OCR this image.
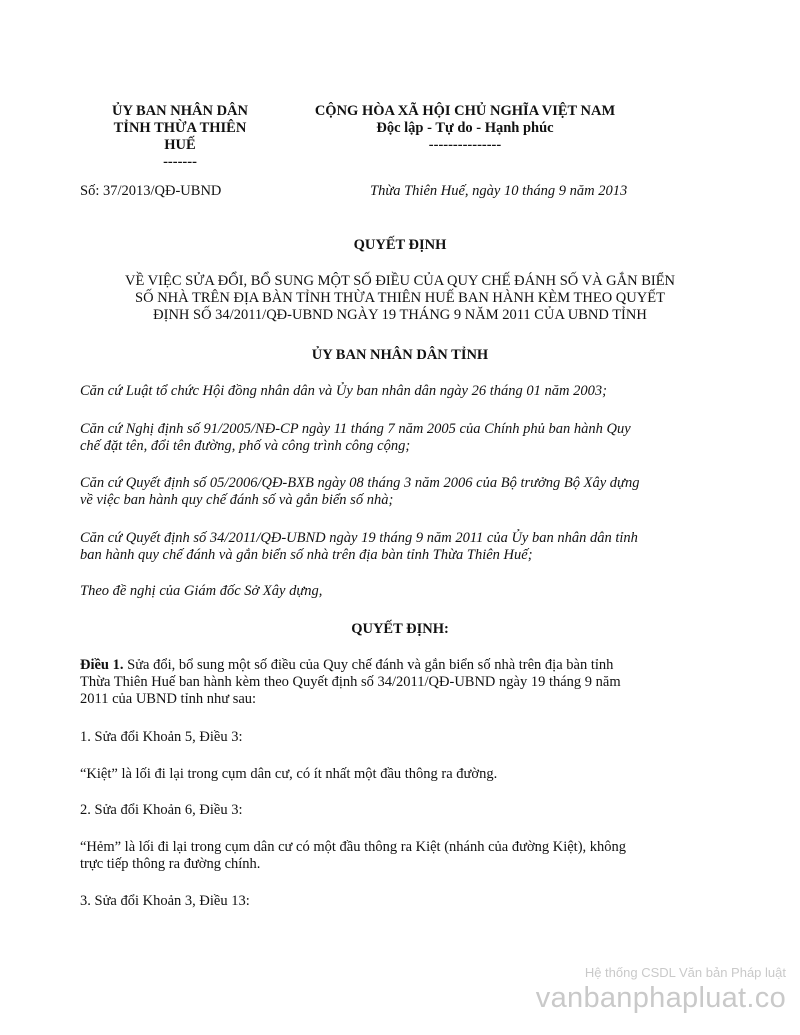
ỦY BAN NHÂN DÂN
TỈNH THỪA THIÊN
HUẾ
-------
CỘNG HÒA XÃ HỘI CHỦ NGHĨA VIỆT NAM
Độc lập - Tự do - Hạnh phúc
---------------
Số: 37/2013/QĐ-UBND	Thừa Thiên Huế, ngày 10 tháng 9 năm 2013
QUYẾT ĐỊNH
VỀ VIỆC SỬA ĐỔI, BỔ SUNG MỘT SỐ ĐIỀU CỦA QUY CHẾ ĐÁNH SỐ VÀ GẮN BIỂN
SỐ NHÀ TRÊN ĐỊA BÀN TỈNH THỪA THIÊN HUẾ BAN HÀNH KÈM THEO QUYẾT
ĐỊNH SỐ 34/2011/QĐ-UBND NGÀY 19 THÁNG 9 NĂM 2011 CỦA UBND TỈNH
ỦY BAN NHÂN DÂN TỈNH
Căn cứ Luật tổ chức Hội đồng nhân dân và Ủy ban nhân dân ngày 26 tháng 01 năm 2003;
Căn cứ Nghị định số 91/2005/NĐ-CP ngày 11 tháng 7 năm 2005 của Chính phủ ban hành Quy
chế đặt tên, đổi tên đường, phố và công trình công cộng;
Căn cứ Quyết định số 05/2006/QĐ-BXB ngày 08 tháng 3 năm 2006 của Bộ trưởng Bộ Xây dựng
về việc ban hành quy chế đánh số và gắn biển số nhà;
Căn cứ Quyết định số 34/2011/QĐ-UBND ngày 19 tháng 9 năm 2011 của Ủy ban nhân dân tỉnh
ban hành quy chế đánh và gắn biển số nhà trên địa bàn tỉnh Thừa Thiên Huế;
Theo đề nghị của Giám đốc Sở Xây dựng,
QUYẾT ĐỊNH:
Điều 1. Sửa đổi, bổ sung một số điều của Quy chế đánh và gắn biển số nhà trên địa bàn tỉnh
Thừa Thiên Huế ban hành kèm theo Quyết định số 34/2011/QĐ-UBND ngày 19 tháng 9 năm
2011 của UBND tỉnh như sau:
1. Sửa đổi Khoản 5, Điều 3:
“Kiệt” là lối đi lại trong cụm dân cư, có ít nhất một đầu thông ra đường.
2. Sửa đổi Khoản 6, Điều 3:
“Hẻm” là lối đi lại trong cụm dân cư có một đầu thông ra Kiệt (nhánh của đường Kiệt), không
trực tiếp thông ra đường chính.
3. Sửa đổi Khoản 3, Điều 13:
Hệ thống CSDL Văn bản Pháp luật
vanbanphapluat.co
